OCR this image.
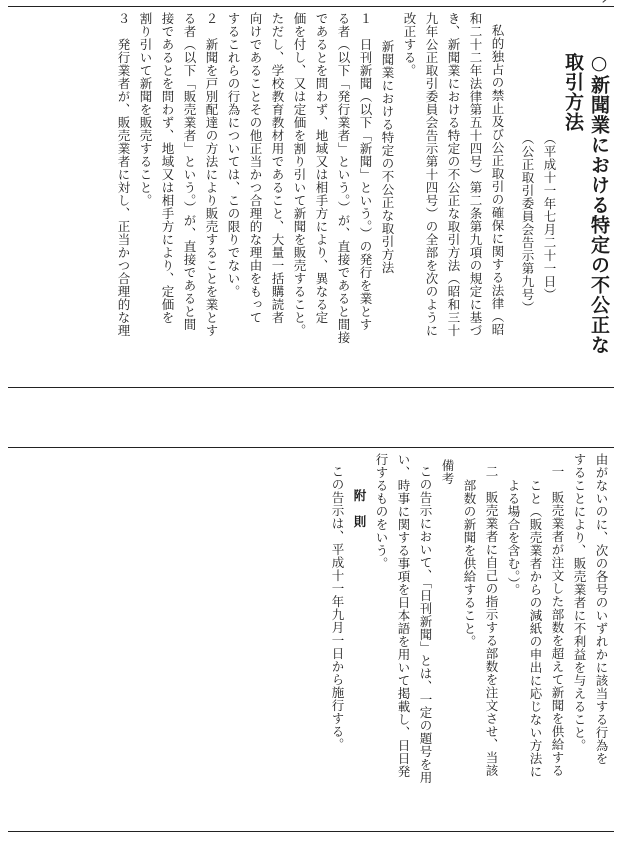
○新聞業における特定の不公正な
取引方法
（平成十一年七月二十一日）
（公正取引委員会告示第九号）
私的独占の禁止及び公正取引の確保に関する法律（昭
和二十二年法律第五十四号）第二条第九項の規定に基づ
き、新聞業における特定の不公正な取引方法（昭和三十
九年公正取引委員会告示第十四号）の全部を次のように
改正する。
新聞業における特定の不公正な取引方法
１　日刊新聞（以下「新聞」という。）の発行を業とす
る者（以下「発行業者」という。）が、直接であると間接
であるとを問わず、地域又は相手方により、異なる定
価を付し、又は定価を割り引いて新聞を販売すること。
ただし、学校教育教材用であること、大量一括購読者
向けであることその他正当かつ合理的な理由をもって
するこれらの行為については、この限りでない。
２　新聞を戸別配達の方法により販売することを業とす
る者（以下「販売業者」という。）が、直接であると間
接であるとを問わず、地域又は相手方により、定価を
割り引いて新聞を販売すること。
３　発行業者が、販売業者に対し、正当かつ合理的な理
由がないのに、次の各号のいずれかに該当する行為を
することにより、販売業者に不利益を与えること。
一　販売業者が注文した部数を超えて新聞を供給する
こと（販売業者からの減紙の申出に応じない方法に
よる場合を含む。）。
二　販売業者に自己の指示する部数を注文させ、当該
部数の新聞を供給すること。
備考
この告示において、「日刊新聞」とは、一定の題号を用
い、時事に関する事項を日本語を用いて掲載し、日日発
行するものをいう。
附　則
この告示は、平成十一年九月一日から施行する。
